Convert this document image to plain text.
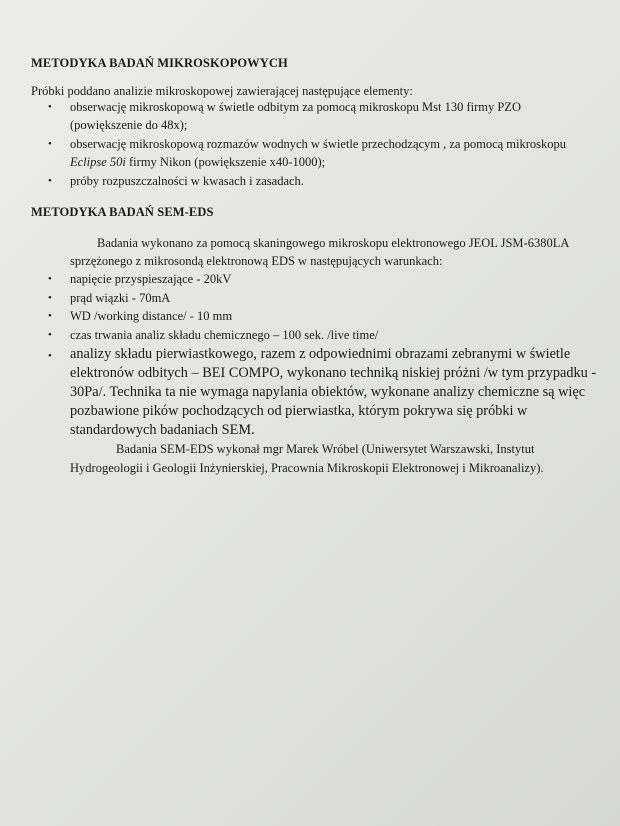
METODYKA BADAŃ MIKROSKOPOWYCH
Próbki poddano analizie mikroskopowej zawierającej następujące elementy:
• obserwację mikroskopową w świetle odbitym za pomocą mikroskopu Mst 130 firmy PZO
(powiększenie do 48x);
• obserwację mikroskopową rozmazów wodnych w świetle przechodzącym , za pomocą mikroskopu
Eclipse 50i firmy Nikon (powiększenie x40-1000);
• próby rozpuszczalności w kwasach i zasadach.
METODYKA BADAŃ SEM-EDS
Badania wykonano za pomocą skaningowego mikroskopu elektronowego JEOL JSM-6380LA
sprzężonego z mikrosondą elektronową EDS w następujących warunkach:
• napięcie przyspieszające - 20kV
• prąd wiązki - 70mA
• WD /working distance/ - 10 mm
• czas trwania analiz składu chemicznego – 100 sek. /live time/
• analizy składu pierwiastkowego, razem z odpowiednimi obrazami zebranymi w świetle
elektronów odbitych – BEI COMPO, wykonano techniką niskiej próżni /w tym przypadku -
30Pa/. Technika ta nie wymaga napylania obiektów, wykonane analizy chemiczne są więc
pozbawione pików pochodzących od pierwiastka, którym pokrywa się próbki w
standardowych badaniach SEM.
Badania SEM-EDS wykonał mgr Marek Wróbel (Uniwersytet Warszawski, Instytut
Hydrogeologii i Geologii Inżynierskiej, Pracownia Mikroskopii Elektronowej i Mikroanalizy).
